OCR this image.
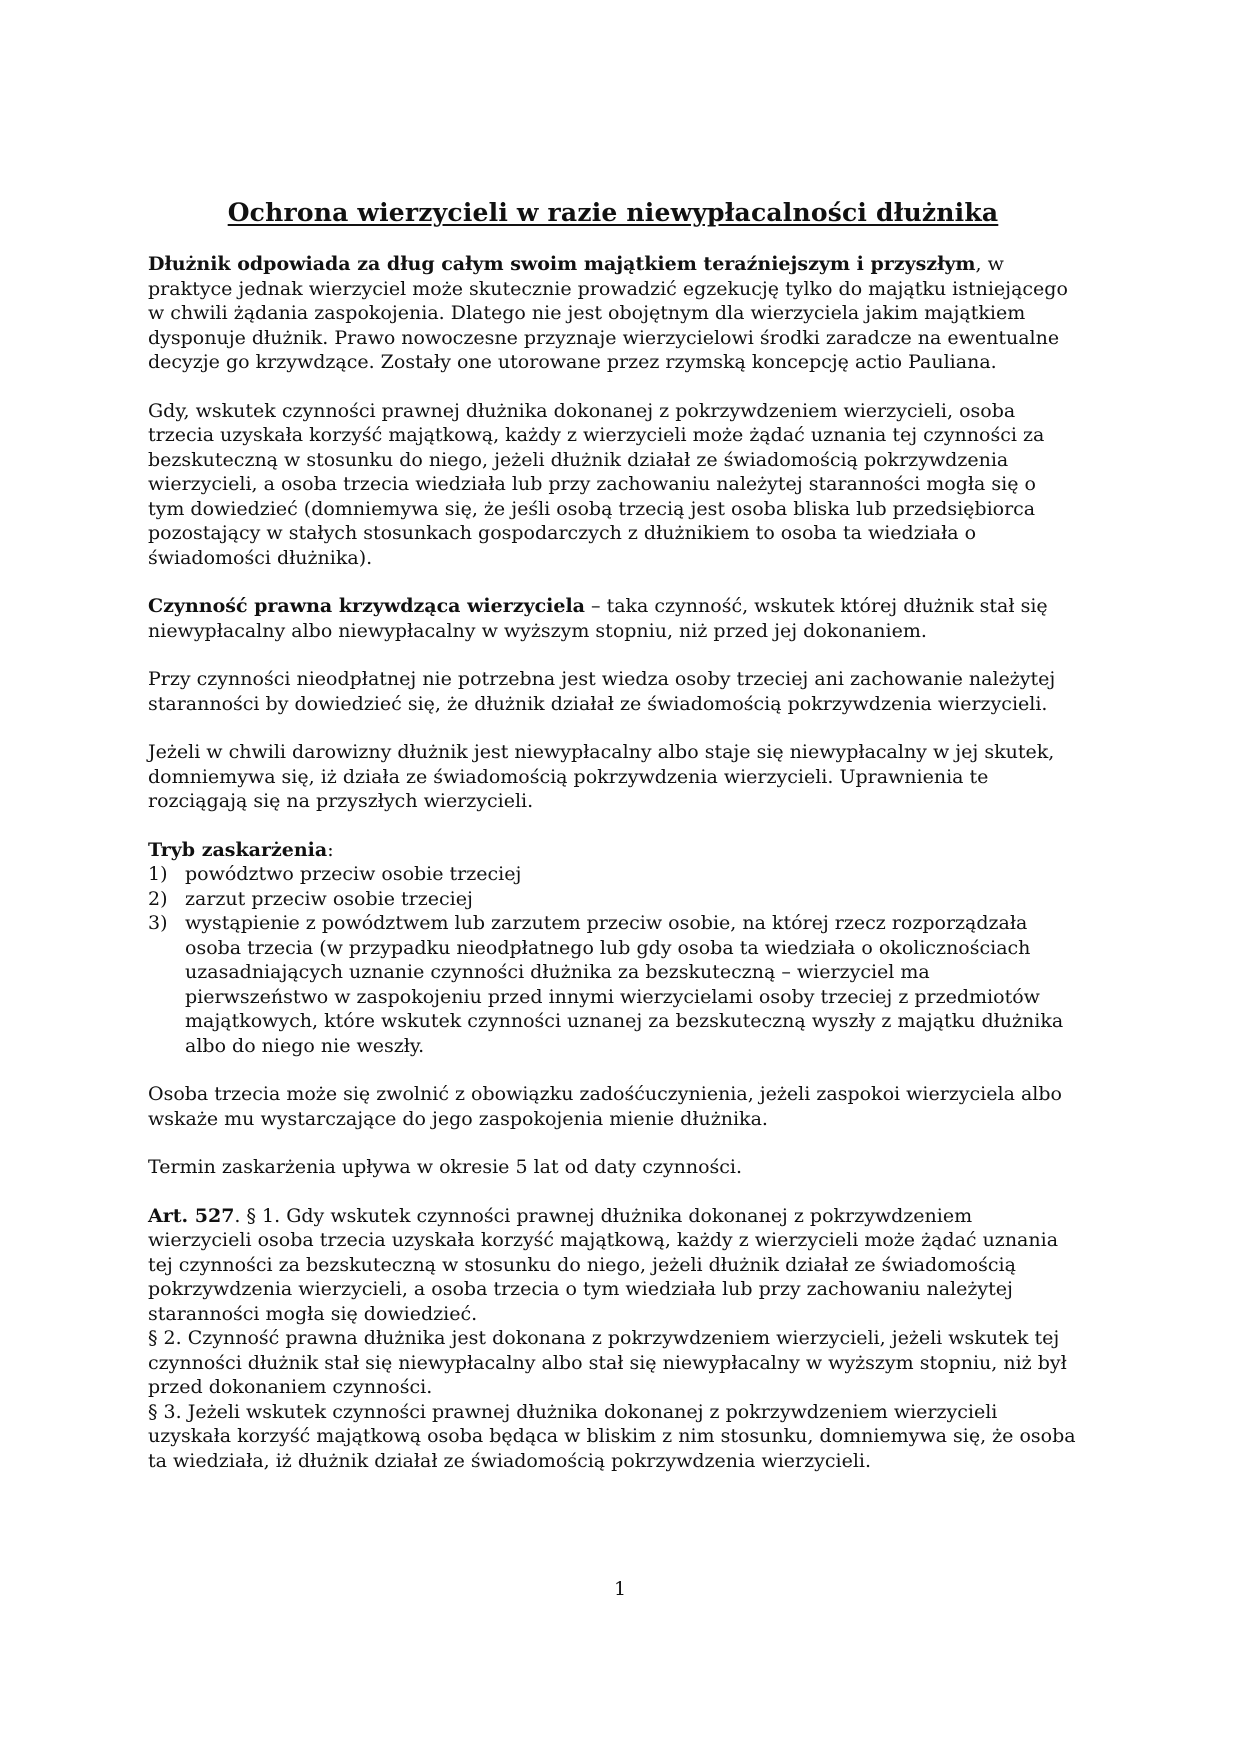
Ochrona wierzycieli w razie niewypłacalności dłużnika

Dłużnik odpowiada za dług całym swoim majątkiem teraźniejszym i przyszłym, w praktyce jednak wierzyciel może skutecznie prowadzić egzekucję tylko do majątku istniejącego w chwili żądania zaspokojenia. Dlatego nie jest obojętnym dla wierzyciela jakim majątkiem dysponuje dłużnik. Prawo nowoczesne przyznaje wierzycielowi środki zaradcze na ewentualne decyzje go krzywdzące. Zostały one utorowane przez rzymską koncepcję actio Pauliana.

Gdy, wskutek czynności prawnej dłużnika dokonanej z pokrzywdzeniem wierzycieli, osoba trzecia uzyskała korzyść majątkową, każdy z wierzycieli może żądać uznania tej czynności za bezskuteczną w stosunku do niego, jeżeli dłużnik działał ze świadomością pokrzywdzenia wierzycieli, a osoba trzecia wiedziała lub przy zachowaniu należytej staranności mogła się o tym dowiedzieć (domniemywa się, że jeśli osobą trzecią jest osoba bliska lub przedsiębiorca pozostający w stałych stosunkach gospodarczych z dłużnikiem to osoba ta wiedziała o świadomości dłużnika).

Czynność prawna krzywdząca wierzyciela – taka czynność, wskutek której dłużnik stał się niewypłacalny albo niewypłacalny w wyższym stopniu, niż przed jej dokonaniem.

Przy czynności nieodpłatnej nie potrzebna jest wiedza osoby trzeciej ani zachowanie należytej staranności by dowiedzieć się, że dłużnik działał ze świadomością pokrzywdzenia wierzycieli.

Jeżeli w chwili darowizny dłużnik jest niewypłacalny albo staje się niewypłacalny w jej skutek, domniemywa się, iż działa ze świadomością pokrzywdzenia wierzycieli. Uprawnienia te rozciągają się na przyszłych wierzycieli.

Tryb zaskarżenia:

1) powództwo przeciw osobie trzeciej
2) zarzut przeciw osobie trzeciej
3) wystąpienie z powództwem lub zarzutem przeciw osobie, na której rzecz rozporządzała osoba trzecia (w przypadku nieodpłatnego lub gdy osoba ta wiedziała o okolicznościach uzasadniających uznanie czynności dłużnika za bezskuteczną – wierzyciel ma pierwszeństwo w zaspokojeniu przed innymi wierzycielami osoby trzeciej z przedmiotów majątkowych, które wskutek czynności uznanej za bezskuteczną wyszły z majątku dłużnika albo do niego nie weszły.

Osoba trzecia może się zwolnić z obowiązku zadośćuczynienia, jeżeli zaspokoi wierzyciela albo wskaże mu wystarczające do jego zaspokojenia mienie dłużnika.

Termin zaskarżenia upływa w okresie 5 lat od daty czynności.

Art. 527. § 1. Gdy wskutek czynności prawnej dłużnika dokonanej z pokrzywdzeniem wierzycieli osoba trzecia uzyskała korzyść majątkową, każdy z wierzycieli może żądać uznania tej czynności za bezskuteczną w stosunku do niego, jeżeli dłużnik działał ze świadomością pokrzywdzenia wierzycieli, a osoba trzecia o tym wiedziała lub przy zachowaniu należytej staranności mogła się dowiedzieć.

§ 2. Czynność prawna dłużnika jest dokonana z pokrzywdzeniem wierzycieli, jeżeli wskutek tej czynności dłużnik stał się niewypłacalny albo stał się niewypłacalny w wyższym stopniu, niż był przed dokonaniem czynności.

§ 3. Jeżeli wskutek czynności prawnej dłużnika dokonanej z pokrzywdzeniem wierzycieli uzyskała korzyść majątkową osoba będąca w bliskim z nim stosunku, domniemywa się, że osoba ta wiedziała, iż dłużnik działał ze świadomością pokrzywdzenia wierzycieli.

1
